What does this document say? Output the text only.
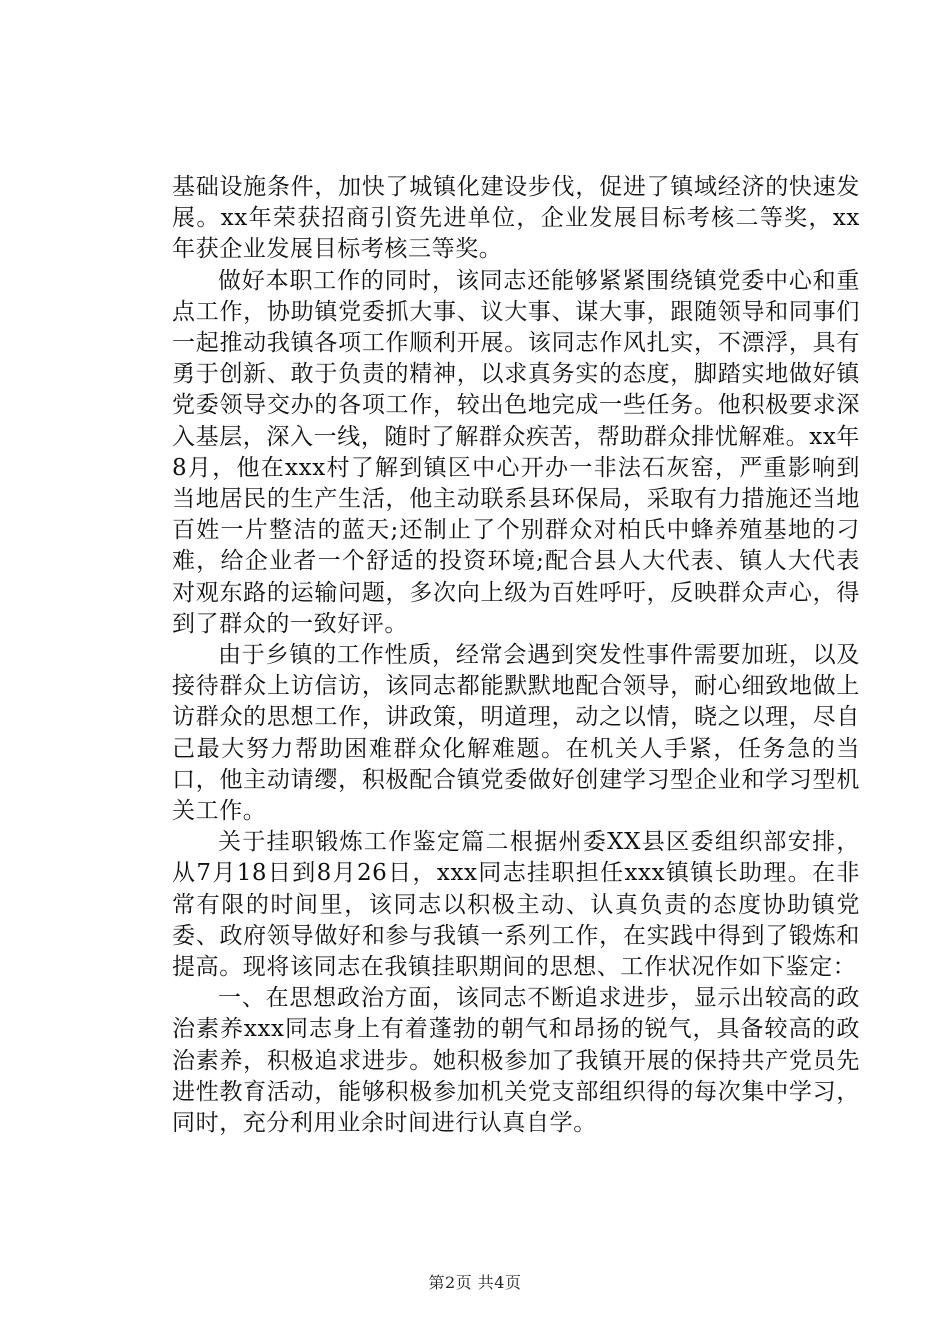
基础设施条件，加快了城镇化建设步伐，促进了镇域经济的快速发展。xx年荣获招商引资先进单位，企业发展目标考核二等奖，xx年获企业发展目标考核三等奖。

做好本职工作的同时，该同志还能够紧紧围绕镇党委中心和重点工作，协助镇党委抓大事、议大事、谋大事，跟随领导和同事们一起推动我镇各项工作顺利开展。该同志作风扎实，不漂浮，具有勇于创新、敢于负责的精神，以求真务实的态度，脚踏实地做好镇党委领导交办的各项工作，较出色地完成一些任务。他积极要求深入基层，深入一线，随时了解群众疾苦，帮助群众排忧解难。xx年8月，他在xxx村了解到镇区中心开办一非法石灰窑，严重影响到当地居民的生产生活，他主动联系县环保局，采取有力措施还当地百姓一片整洁的蓝天;还制止了个别群众对柏氏中蜂养殖基地的刁难，给企业者一个舒适的投资环境;配合县人大代表、镇人大代表对观东路的运输问题，多次向上级为百姓呼吁，反映群众声心，得到了群众的一致好评。

由于乡镇的工作性质，经常会遇到突发性事件需要加班，以及接待群众上访信访，该同志都能默默地配合领导，耐心细致地做上访群众的思想工作，讲政策，明道理，动之以情，晓之以理，尽自己最大努力帮助困难群众化解难题。在机关人手紧，任务急的当口，他主动请缨，积极配合镇党委做好创建学习型企业和学习型机关工作。

关于挂职锻炼工作鉴定篇二根据州委XX县区委组织部安排，从7月18日到8月26日，xxx同志挂职担任xxx镇镇长助理。在非常有限的时间里，该同志以积极主动、认真负责的态度协助镇党委、政府领导做好和参与我镇一系列工作，在实践中得到了锻炼和提高。现将该同志在我镇挂职期间的思想、工作状况作如下鉴定：

一、在思想政治方面，该同志不断追求进步，显示出较高的政治素养xxx同志身上有着蓬勃的朝气和昂扬的锐气，具备较高的政治素养，积极追求进步。她积极参加了我镇开展的保持共产党员先进性教育活动，能够积极参加机关党支部组织得的每次集中学习，同时，充分利用业余时间进行认真自学。

第2页 共4页
